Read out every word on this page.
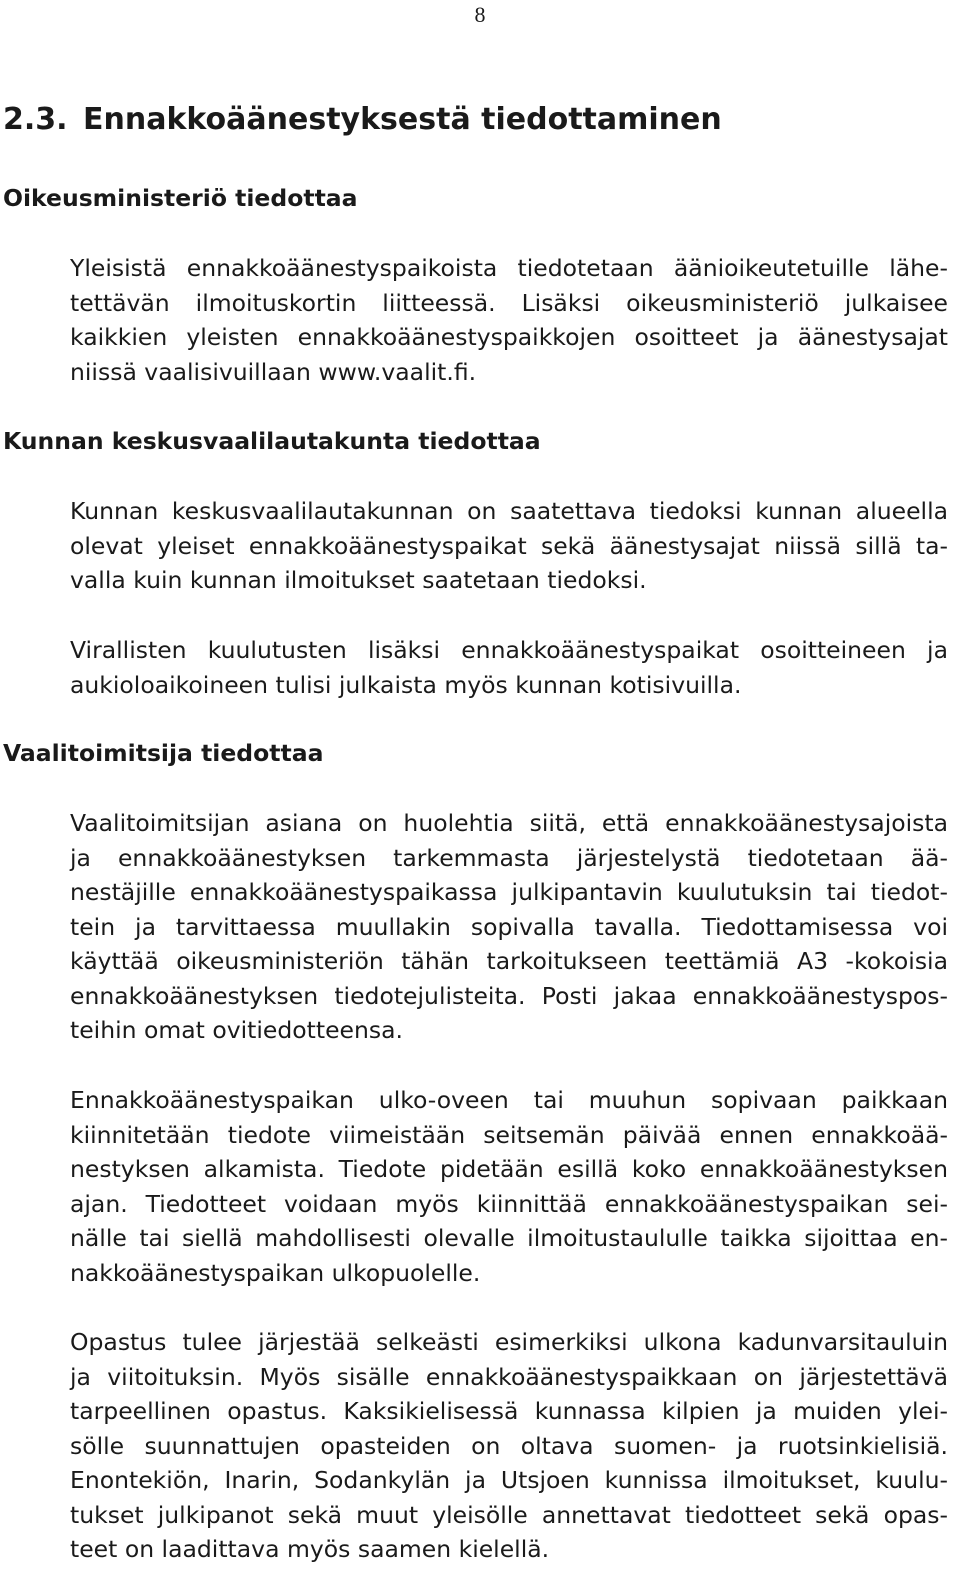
8
2.3. Ennakkoäänestyksestä tiedottaminen
Oikeusministeriö tiedottaa
Yleisistä ennakkoäänestyspaikoista tiedotetaan äänioikeutetuille lähe-
tettävän ilmoituskortin liitteessä. Lisäksi oikeusministeriö julkaisee
kaikkien yleisten ennakkoäänestyspaikkojen osoitteet ja äänestysajat
niissä vaalisivuillaan www.vaalit.fi.
Kunnan keskusvaalilautakunta tiedottaa
Kunnan keskusvaalilautakunnan on saatettava tiedoksi kunnan alueella
olevat yleiset ennakkoäänestyspaikat sekä äänestysajat niissä sillä ta-
valla kuin kunnan ilmoitukset saatetaan tiedoksi.
Virallisten kuulutusten lisäksi ennakkoäänestyspaikat osoitteineen ja
aukioloaikoineen tulisi julkaista myös kunnan kotisivuilla.
Vaalitoimitsija tiedottaa
Vaalitoimitsijan asiana on huolehtia siitä, että ennakkoäänestysajoista
ja ennakkoäänestyksen tarkemmasta järjestelystä tiedotetaan ää-
nestäjille ennakkoäänestyspaikassa julkipantavin kuulutuksin tai tiedot-
tein ja tarvittaessa muullakin sopivalla tavalla. Tiedottamisessa voi
käyttää oikeusministeriön tähän tarkoitukseen teettämiä A3 -kokoisia
ennakkoäänestyksen tiedotejulisteita. Posti jakaa ennakkoäänestyspos-
teihin omat ovitiedotteensa.
Ennakkoäänestyspaikan ulko-oveen tai muuhun sopivaan paikkaan
kiinnitetään tiedote viimeistään seitsemän päivää ennen ennakkoää-
nestyksen alkamista. Tiedote pidetään esillä koko ennakkoäänestyksen
ajan. Tiedotteet voidaan myös kiinnittää ennakkoäänestyspaikan sei-
nälle tai siellä mahdollisesti olevalle ilmoitustaululle taikka sijoittaa en-
nakkoäänestyspaikan ulkopuolelle.
Opastus tulee järjestää selkeästi esimerkiksi ulkona kadunvarsitauluin
ja viitoituksin. Myös sisälle ennakkoäänestyspaikkaan on järjestettävä
tarpeellinen opastus. Kaksikielisessä kunnassa kilpien ja muiden ylei-
sölle suunnattujen opasteiden on oltava suomen- ja ruotsinkielisiä.
Enontekiön, Inarin, Sodankylän ja Utsjoen kunnissa ilmoitukset, kuulu-
tukset julkipanot sekä muut yleisölle annettavat tiedotteet sekä opas-
teet on laadittava myös saamen kielellä.
